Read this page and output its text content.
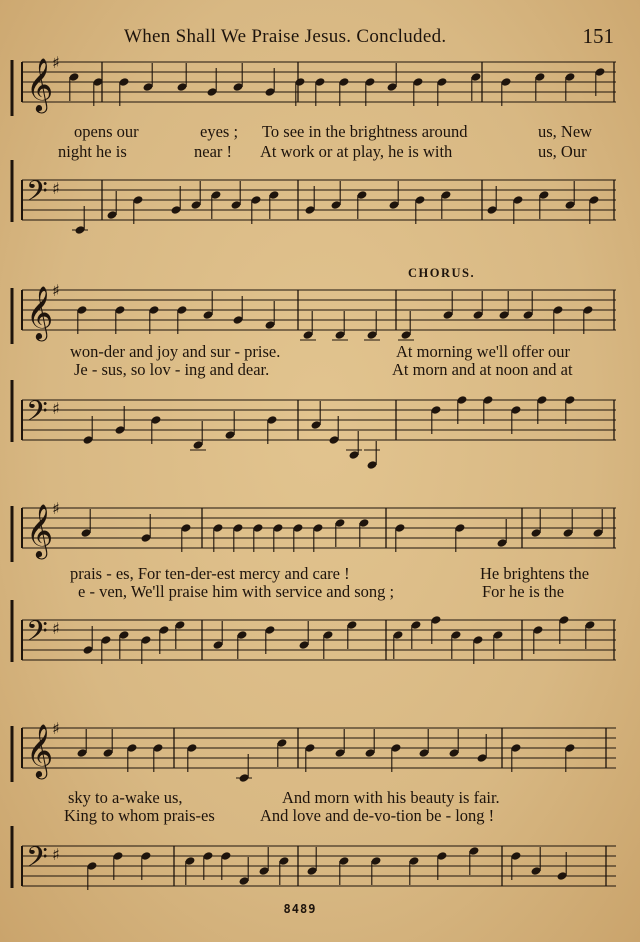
When Shall We Praise Jesus. Concluded.	151
𝄞
♯
opens our	eyes ; To see in the brightness around	us, New
night he is	near ! At work or at play, he is with	us, Our
𝄢 ♯
CHORUS.
𝄞
♯
won-der and joy and sur - prise.	At morning we'll offer our
Je - sus, so lov - ing and dear.	At morn and at noon and at
𝄢 ♯
𝄞
♯
prais - es, For ten-der-est mercy and care !	He brightens the
e - ven, We'll praise him with service and song ;	For he is the
𝄢 ♯
𝄞
♯
sky to a-wake us,	And morn with his beauty is fair.
King to whom prais-es	And love and de-vo-tion be - long !
𝄢 ♯
8489
